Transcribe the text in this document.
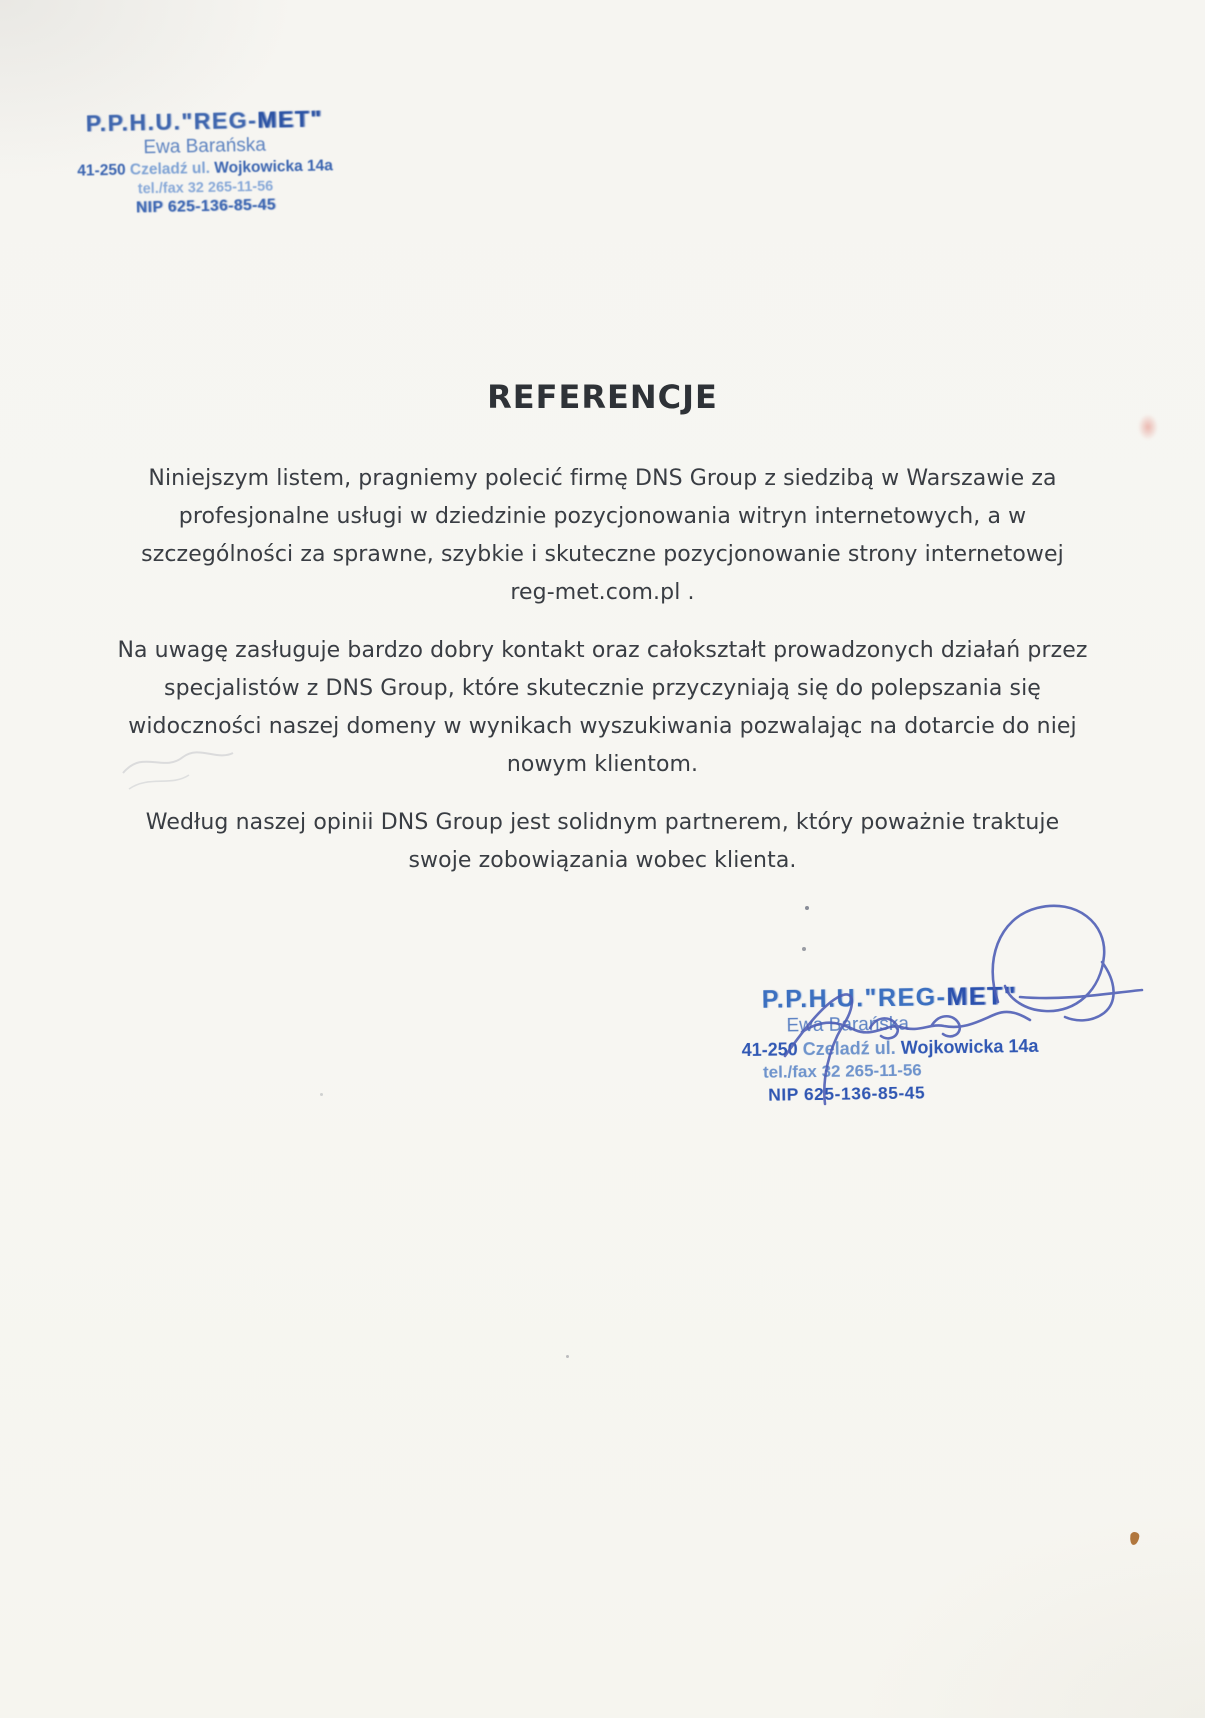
P.P.H.U."REG-MET"
Ewa Barańska
41-250 Czeladź ul. Wojkowicka 14a
tel./fax 32 265-11-56
NIP 625-136-85-45
REFERENCJE
Niniejszym listem, pragniemy polecić firmę DNS Group z siedzibą w Warszawie za
profesjonalne usługi w dziedzinie pozycjonowania witryn internetowych, a w
szczególności za sprawne, szybkie i skuteczne pozycjonowanie strony internetowej
reg-met.com.pl .
Na uwagę zasługuje bardzo dobry kontakt oraz całokształt prowadzonych działań przez
specjalistów z DNS Group, które skutecznie przyczyniają się do polepszania się
widoczności naszej domeny w wynikach wyszukiwania pozwalając na dotarcie do niej
nowym klientom.
Według naszej opinii DNS Group jest solidnym partnerem, który poważnie traktuje
swoje zobowiązania wobec klienta.
P.P.H.U."REG-MET"
Ewa Barańska
41-250 Czeladź ul. Wojkowicka 14a
tel./fax 32 265-11-56
NIP 625-136-85-45
